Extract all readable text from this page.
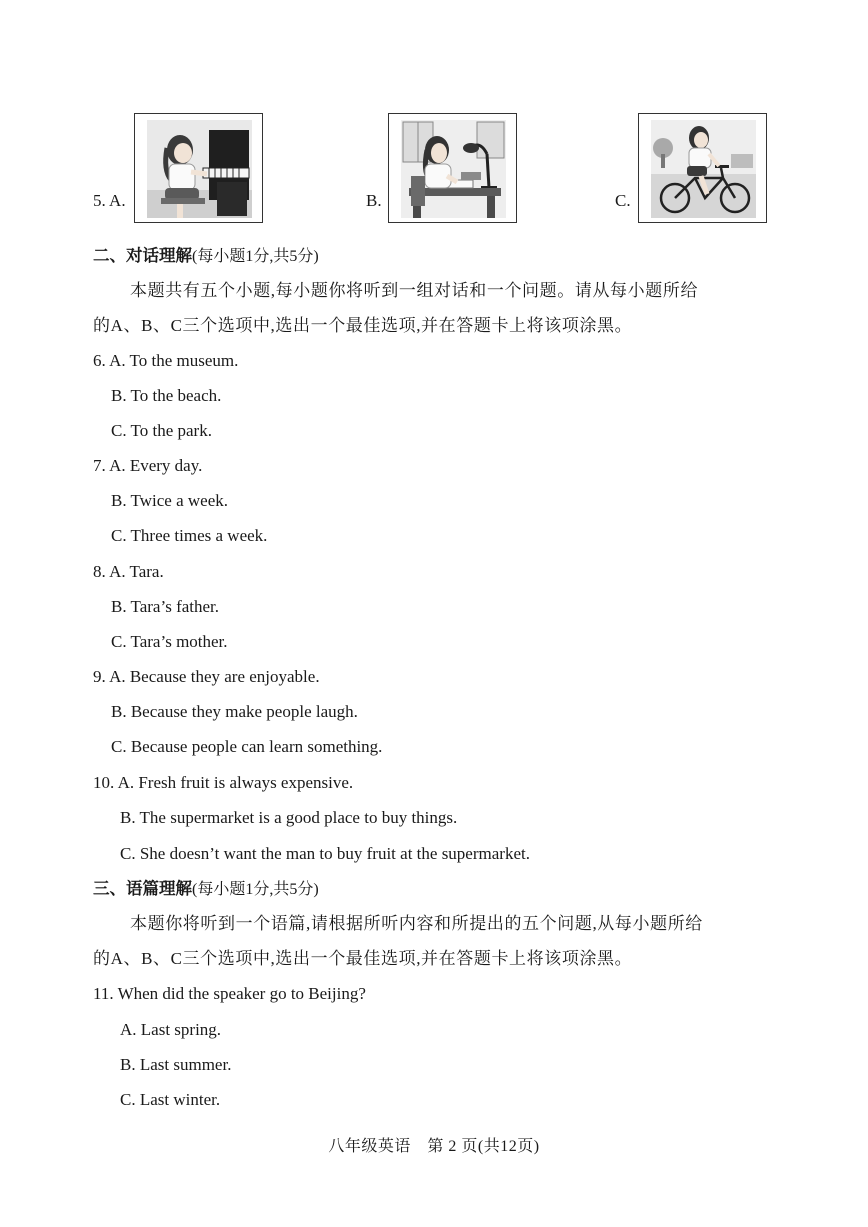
5. A.	B.	C.
二、对话理解(每小题1分,共5分)
本题共有五个小题,每小题你将听到一组对话和一个问题。请从每小题所给
的A、B、C三个选项中,选出一个最佳选项,并在答题卡上将该项涂黑。
6. A. To the museum.
B. To the beach.
C. To the park.
7. A. Every day.
B. Twice a week.
C. Three times a week.
8. A. Tara.
B. Tara’s father.
C. Tara’s mother.
9. A. Because they are enjoyable.
B. Because they make people laugh.
C. Because people can learn something.
10. A. Fresh fruit is always expensive.
B. The supermarket is a good place to buy things.
C. She doesn’t want the man to buy fruit at the supermarket.
三、语篇理解(每小题1分,共5分)
本题你将听到一个语篇,请根据所听内容和所提出的五个问题,从每小题所给
的A、B、C三个选项中,选出一个最佳选项,并在答题卡上将该项涂黑。
11. When did the speaker go to Beijing?
A. Last spring.
B. Last summer.
C. Last winter.
八年级英语　第 2 页(共12页)
